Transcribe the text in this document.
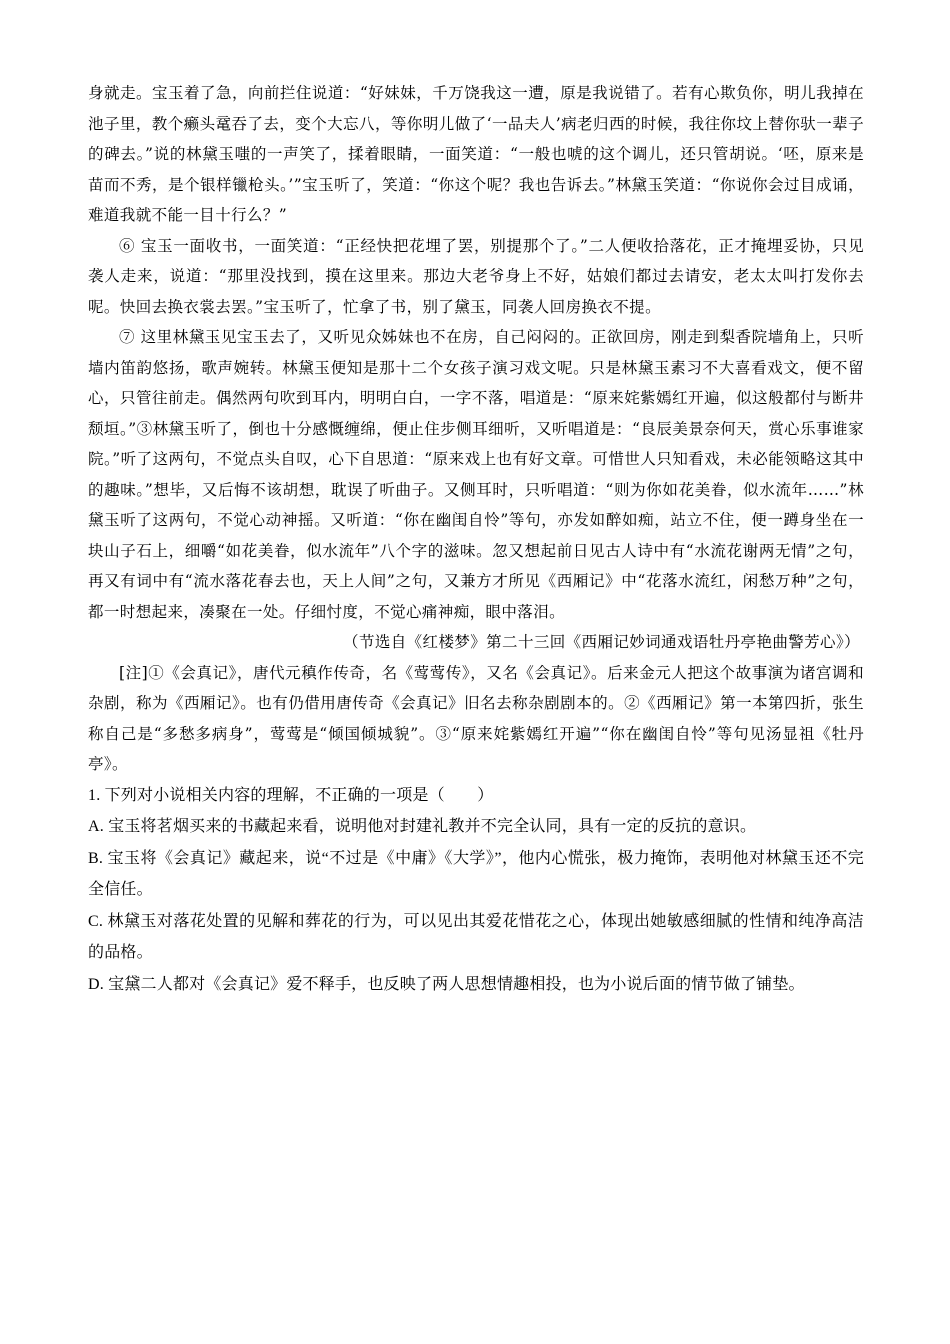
身就走。宝玉着了急，向前拦住说道：“好妹妹，千万饶我这一遭，原是我说错了。若有心欺负你，明儿我掉在池子里，教个癞头鼋吞了去，变个大忘八，等你明儿做了‘一品夫人’病老归西的时候，我往你坟上替你驮一辈子的碑去。”说的林黛玉嗤的一声笑了，揉着眼睛，一面笑道：“一般也唬的这个调儿，还只管胡说。‘呸，原来是苗而不秀，是个银样镴枪头。’”宝玉听了，笑道：“你这个呢？我也告诉去。”林黛玉笑道：“你说你会过目成诵，难道我就不能一目十行么？”

⑥ 宝玉一面收书，一面笑道：“正经快把花埋了罢，别提那个了。”二人便收拾落花，正才掩埋妥协，只见袭人走来，说道：“那里没找到，摸在这里来。那边大老爷身上不好，姑娘们都过去请安，老太太叫打发你去呢。快回去换衣裳去罢。”宝玉听了，忙拿了书，别了黛玉，同袭人回房换衣不提。

⑦ 这里林黛玉见宝玉去了，又听见众姊妹也不在房，自己闷闷的。正欲回房，刚走到梨香院墙角上，只听墙内笛韵悠扬，歌声婉转。林黛玉便知是那十二个女孩子演习戏文呢。只是林黛玉素习不大喜看戏文，便不留心，只管往前走。偶然两句吹到耳内，明明白白，一字不落，唱道是：“原来姹紫嫣红开遍，似这般都付与断井颓垣。”③林黛玉听了，倒也十分感慨缠绵，便止住步侧耳细听，又听唱道是：“良辰美景奈何天，赏心乐事谁家院。”听了这两句，不觉点头自叹，心下自思道：“原来戏上也有好文章。可惜世人只知看戏，未必能领略这其中的趣味。”想毕，又后悔不该胡想，耽误了听曲子。又侧耳时，只听唱道：“则为你如花美眷，似水流年……”林黛玉听了这两句，不觉心动神摇。又听道：“你在幽闺自怜”等句，亦发如醉如痴，站立不住，便一蹲身坐在一块山子石上，细嚼“如花美眷，似水流年”八个字的滋味。忽又想起前日见古人诗中有“水流花谢两无情”之句，再又有词中有“流水落花春去也，天上人间”之句，又兼方才所见《西厢记》中“花落水流红，闲愁万种”之句，都一时想起来，凑聚在一处。仔细忖度，不觉心痛神痴，眼中落泪。

（节选自《红楼梦》第二十三回《西厢记妙词通戏语牡丹亭艳曲警芳心》）

[注]①《会真记》，唐代元稹作传奇，名《莺莺传》，又名《会真记》。后来金元人把这个故事演为诸宫调和杂剧，称为《西厢记》。也有仍借用唐传奇《会真记》旧名去称杂剧剧本的。②《西厢记》第一本第四折，张生称自己是“多愁多病身”，莺莺是“倾国倾城貌”。③“原来姹紫嫣红开遍”“你在幽闺自怜”等句见汤显祖《牡丹亭》。

1. 下列对小说相关内容的理解，不正确的一项是（　　）

A. 宝玉将茗烟买来的书藏起来看，说明他对封建礼教并不完全认同，具有一定的反抗的意识。

B. 宝玉将《会真记》藏起来，说“不过是《中庸》《大学》”，他内心慌张，极力掩饰，表明他对林黛玉还不完全信任。

C. 林黛玉对落花处置的见解和葬花的行为，可以见出其爱花惜花之心，体现出她敏感细腻的性情和纯净高洁的品格。

D. 宝黛二人都对《会真记》爱不释手，也反映了两人思想情趣相投，也为小说后面的情节做了铺垫。
